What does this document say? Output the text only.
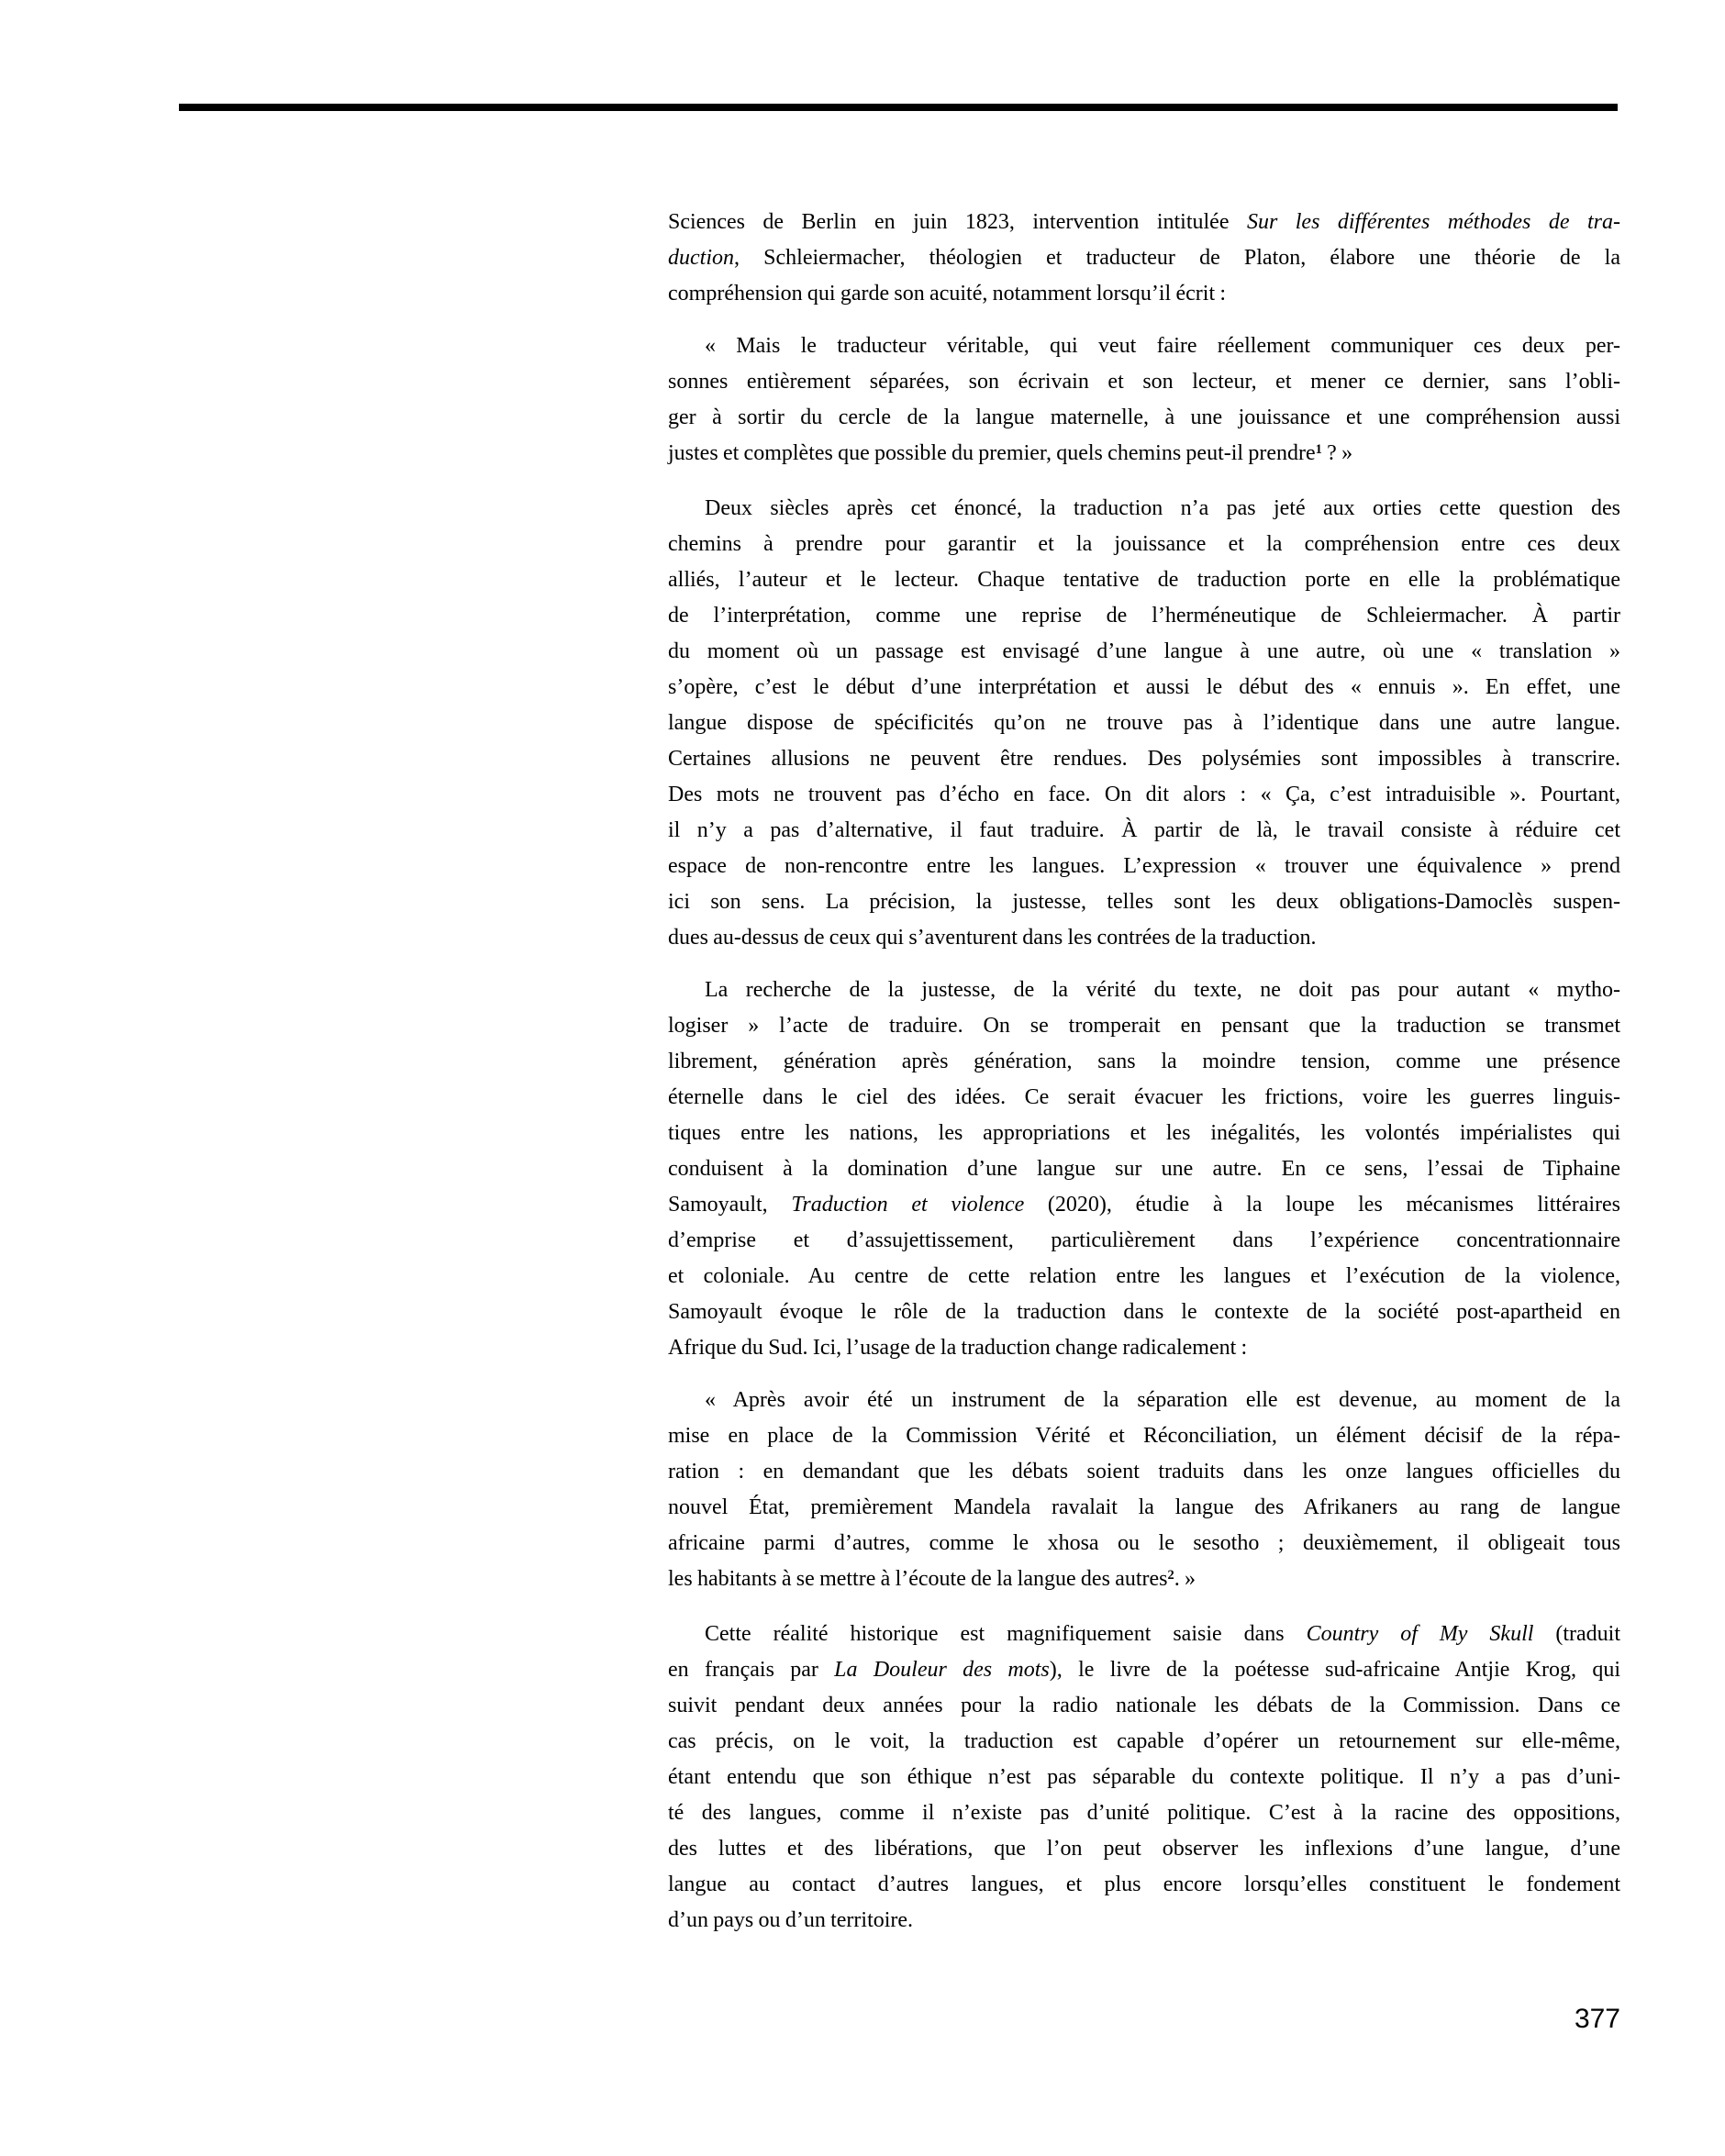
Sciences de Berlin en juin 1823, intervention intitulée Sur les différentes méthodes de tra-
duction, Schleiermacher, théologien et traducteur de Platon, élabore une théorie de la
compréhension qui garde son acuité, notamment lorsqu’il écrit :
« Mais le traducteur véritable, qui veut faire réellement communiquer ces deux per-
sonnes entièrement séparées, son écrivain et son lecteur, et mener ce dernier, sans l’obli-
ger à sortir du cercle de la langue maternelle, à une jouissance et une compréhension aussi
justes et complètes que possible du premier, quels chemins peut-il prendre$^1$ ? »
Deux siècles après cet énoncé, la traduction n’a pas jeté aux orties cette question des
chemins à prendre pour garantir et la jouissance et la compréhension entre ces deux
alliés, l’auteur et le lecteur. Chaque tentative de traduction porte en elle la problématique
de l’interprétation, comme une reprise de l’herméneutique de Schleiermacher. À partir
du moment où un passage est envisagé d’une langue à une autre, où une « translation »
s’opère, c’est le début d’une interprétation et aussi le début des « ennuis ». En effet, une
langue dispose de spécificités qu’on ne trouve pas à l’identique dans une autre langue.
Certaines allusions ne peuvent être rendues. Des polysémies sont impossibles à transcrire.
Des mots ne trouvent pas d’écho en face. On dit alors : « Ça, c’est intraduisible ». Pourtant,
il n’y a pas d’alternative, il faut traduire. À partir de là, le travail consiste à réduire cet
espace de non-rencontre entre les langues. L’expression « trouver une équivalence » prend
ici son sens. La précision, la justesse, telles sont les deux obligations-Damoclès suspen-
dues au-dessus de ceux qui s’aventurent dans les contrées de la traduction.
La recherche de la justesse, de la vérité du texte, ne doit pas pour autant « mytho-
logiser » l’acte de traduire. On se tromperait en pensant que la traduction se transmet
librement, génération après génération, sans la moindre tension, comme une présence
éternelle dans le ciel des idées. Ce serait évacuer les frictions, voire les guerres linguis-
tiques entre les nations, les appropriations et les inégalités, les volontés impérialistes qui
conduisent à la domination d’une langue sur une autre. En ce sens, l’essai de Tiphaine
Samoyault, Traduction et violence (2020), étudie à la loupe les mécanismes littéraires
d’emprise et d’assujettissement, particulièrement dans l’expérience concentrationnaire
et coloniale. Au centre de cette relation entre les langues et l’exécution de la violence,
Samoyault évoque le rôle de la traduction dans le contexte de la société post-apartheid en
Afrique du Sud. Ici, l’usage de la traduction change radicalement :
« Après avoir été un instrument de la séparation elle est devenue, au moment de la
mise en place de la Commission Vérité et Réconciliation, un élément décisif de la répa-
ration : en demandant que les débats soient traduits dans les onze langues officielles du
nouvel État, premièrement Mandela ravalait la langue des Afrikaners au rang de langue
africaine parmi d’autres, comme le xhosa ou le sesotho ; deuxièmement, il obligeait tous
les habitants à se mettre à l’écoute de la langue des autres$^2$. »
Cette réalité historique est magnifiquement saisie dans Country of My Skull (traduit
en français par La Douleur des mots), le livre de la poétesse sud-africaine Antjie Krog, qui
suivit pendant deux années pour la radio nationale les débats de la Commission. Dans ce
cas précis, on le voit, la traduction est capable d’opérer un retournement sur elle-même,
étant entendu que son éthique n’est pas séparable du contexte politique. Il n’y a pas d’uni-
té des langues, comme il n’existe pas d’unité politique. C’est à la racine des oppositions,
des luttes et des libérations, que l’on peut observer les inflexions d’une langue, d’une
langue au contact d’autres langues, et plus encore lorsqu’elles constituent le fondement
d’un pays ou d’un territoire.
377
